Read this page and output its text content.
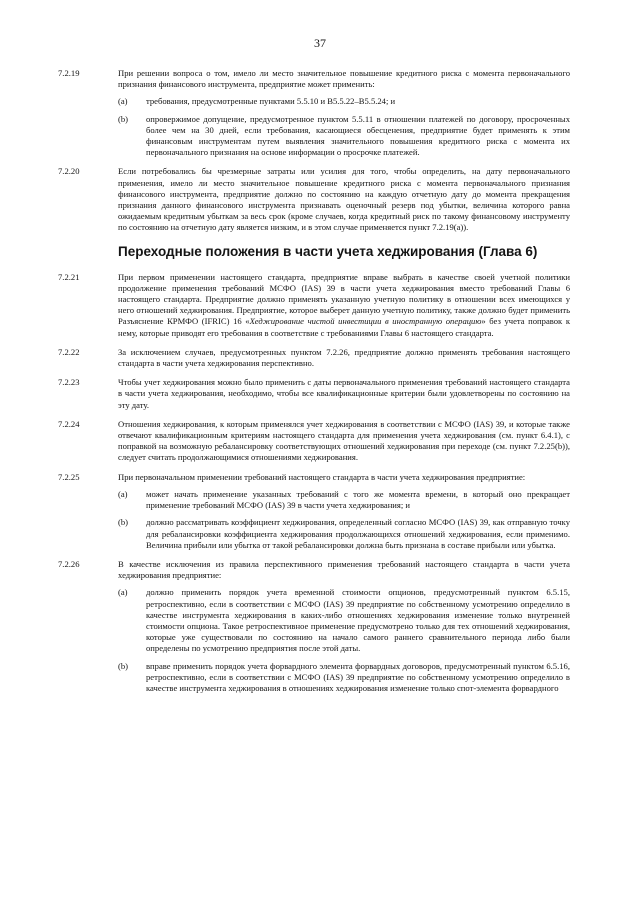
37
7.2.19	При решении вопроса о том, имело ли место значительное повышение кредитного риска с момента первоначального признания финансового инструмента, предприятие может применить:
(a)	требования, предусмотренные пунктами 5.5.10 и B5.5.22–B5.5.24; и
(b)	опровержимое допущение, предусмотренное пунктом 5.5.11 в отношении платежей по договору, просроченных более чем на 30 дней, если требования, касающиеся обесценения, предприятие будет применять к этим финансовым инструментам путем выявления значительного повышения кредитного риска с момента их первоначального признания на основе информации о просрочке платежей.
7.2.20	Если потребовались бы чрезмерные затраты или усилия для того, чтобы определить, на дату первоначального применения, имело ли место значительное повышение кредитного риска с момента первоначального признания финансового инструмента, предприятие должно по состоянию на каждую отчетную дату до момента прекращения признания данного финансового инструмента признавать оценочный резерв под убытки, величина которого равна ожидаемым кредитным убыткам за весь срок (кроме случаев, когда кредитный риск по такому финансовому инструменту по состоянию на отчетную дату является низким, и в этом случае применяется пункт 7.2.19(a)).
Переходные положения в части учета хеджирования (Глава 6)
7.2.21	При первом применении настоящего стандарта, предприятие вправе выбрать в качестве своей учетной политики продолжение применения требований МСФО (IAS) 39 в части учета хеджирования вместо требований Главы 6 настоящего стандарта. Предприятие должно применять указанную учетную политику в отношении всех имеющихся у него отношений хеджирования. Предприятие, которое выберет данную учетную политику, также должно будет применить Разъяснение КРМФО (IFRIC) 16 «Хеджирование чистой инвестиции в иностранную операцию» без учета поправок к нему, которые приводят его требования в соответствие с требованиями Главы 6 настоящего стандарта.
7.2.22	За исключением случаев, предусмотренных пунктом 7.2.26, предприятие должно применять требования настоящего стандарта в части учета хеджирования перспективно.
7.2.23	Чтобы учет хеджирования можно было применить с даты первоначального применения требований настоящего стандарта в части учета хеджирования, необходимо, чтобы все квалификационные критерии были удовлетворены по состоянию на эту дату.
7.2.24	Отношения хеджирования, к которым применялся учет хеджирования в соответствии с МСФО (IAS) 39, и которые также отвечают квалификационным критериям настоящего стандарта для применения учета хеджирования (см. пункт 6.4.1), с поправкой на возможную ребалансировку соответствующих отношений хеджирования при переходе (см. пункт 7.2.25(b)), следует считать продолжающимися отношениями хеджирования.
7.2.25	При первоначальном применении требований настоящего стандарта в части учета хеджирования предприятие:
(a)	может начать применение указанных требований с того же момента времени, в который оно прекращает применение требований МСФО (IAS) 39 в части учета хеджирования; и
(b)	должно рассматривать коэффициент хеджирования, определенный согласно МСФО (IAS) 39, как отправную точку для ребалансировки коэффициента хеджирования продолжающихся отношений хеджирования, если применимо. Величина прибыли или убытка от такой ребалансировки должна быть признана в составе прибыли или убытка.
7.2.26	В качестве исключения из правила перспективного применения требований настоящего стандарта в части учета хеджирования предприятие:
(a)	должно применить порядок учета временной стоимости опционов, предусмотренный пунктом 6.5.15, ретроспективно, если в соответствии с МСФО (IAS) 39 предприятие по собственному усмотрению определило в качестве инструмента хеджирования в каких-либо отношениях хеджирования изменение только внутренней стоимости опциона. Такое ретроспективное применение предусмотрено только для тех отношений хеджирования, которые уже существовали по состоянию на начало самого раннего сравнительного периода либо были определены по усмотрению предприятия после этой даты.
(b)	вправе применить порядок учета форвардного элемента форвардных договоров, предусмотренный пунктом 6.5.16, ретроспективно, если в соответствии с МСФО (IAS) 39 предприятие по собственному усмотрению определило в качестве инструмента хеджирования в отношениях хеджирования изменение только спот-элемента форвардного
